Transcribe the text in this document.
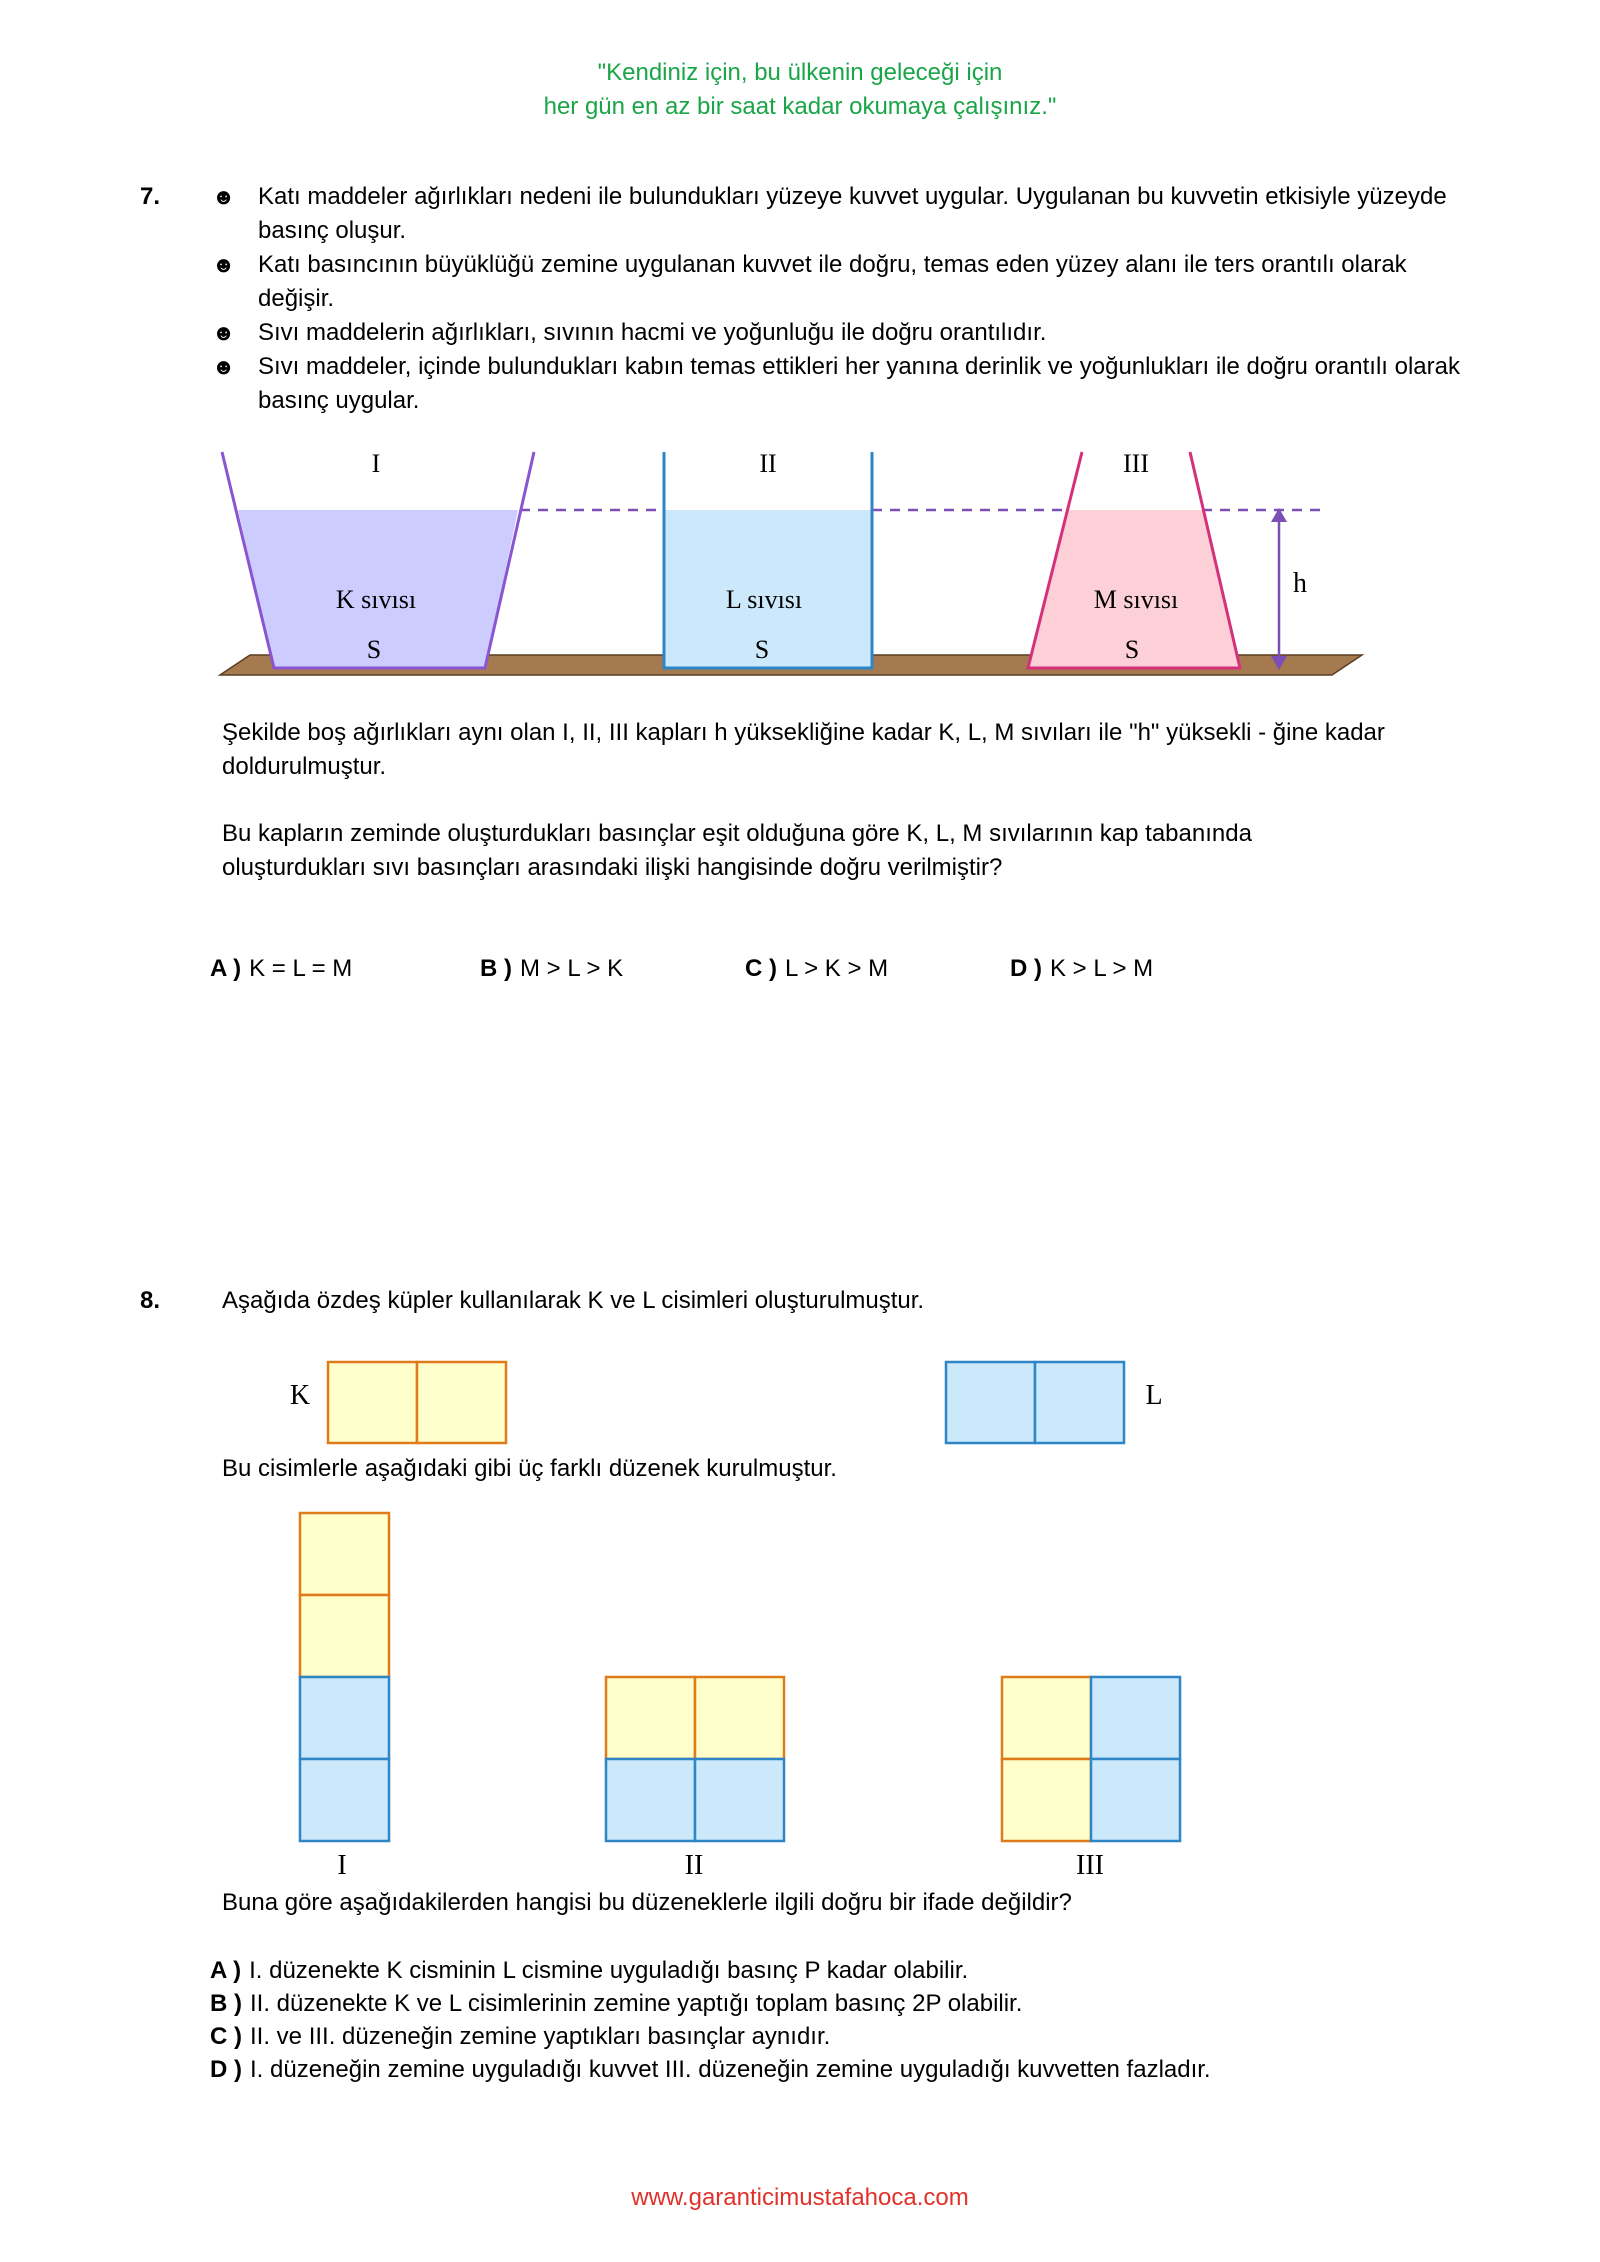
"Kendiniz için, bu ülkenin geleceği için
her gün en az bir saat kadar okumaya çalışınız."
7. ☻ Katı maddeler ağırlıkları nedeni ile bulundukları yüzeye kuvvet uygular. Uygulanan bu kuvvetin etkisiyle yüzeyde basınç oluşur.
☻ Katı basıncının büyüklüğü zemine uygulanan kuvvet ile doğru, temas eden yüzey alanı ile ters orantılı olarak değişir.
☻ Sıvı maddelerin ağırlıkları, sıvının hacmi ve yoğunluğu ile doğru orantılıdır.
☻ Sıvı maddeler, içinde bulundukları kabın temas ettikleri her yanına derinlik ve yoğunlukları ile doğru orantılı olarak basınç uygular.
I
K sıvısı
S
II
L sıvısı
S
III
M sıvısı
S
h
Şekilde boş ağırlıkları aynı olan I, II, III kapları h yüksekliğine kadar K, L, M sıvıları ile "h" yüksekli - ğine kadar doldurulmuştur.
Bu kapların zeminde oluşturdukları basınçlar eşit olduğuna göre K, L, M sıvılarının kap tabanında oluşturdukları sıvı basınçları arasındaki ilişki hangisinde doğru verilmiştir?
A ) K = L = M	B ) M > L > K	C ) L > K > M	D ) K > L > M
8.	Aşağıda özdeş küpler kullanılarak K ve L cisimleri oluşturulmuştur.
K	L
Bu cisimlerle aşağıdaki gibi üç farklı düzenek kurulmuştur.
I	II	III
Buna göre aşağıdakilerden hangisi bu düzeneklerle ilgili doğru bir ifade değildir?
A ) I. düzenekte K cisminin L cismine uyguladığı basınç P kadar olabilir.
B ) II. düzenekte K ve L cisimlerinin zemine yaptığı toplam basınç 2P olabilir.
C ) II. ve III. düzeneğin zemine yaptıkları basınçlar aynıdır.
D ) I. düzeneğin zemine uyguladığı kuvvet III. düzeneğin zemine uyguladığı kuvvetten fazladır.
www.garanticimustafahoca.com
